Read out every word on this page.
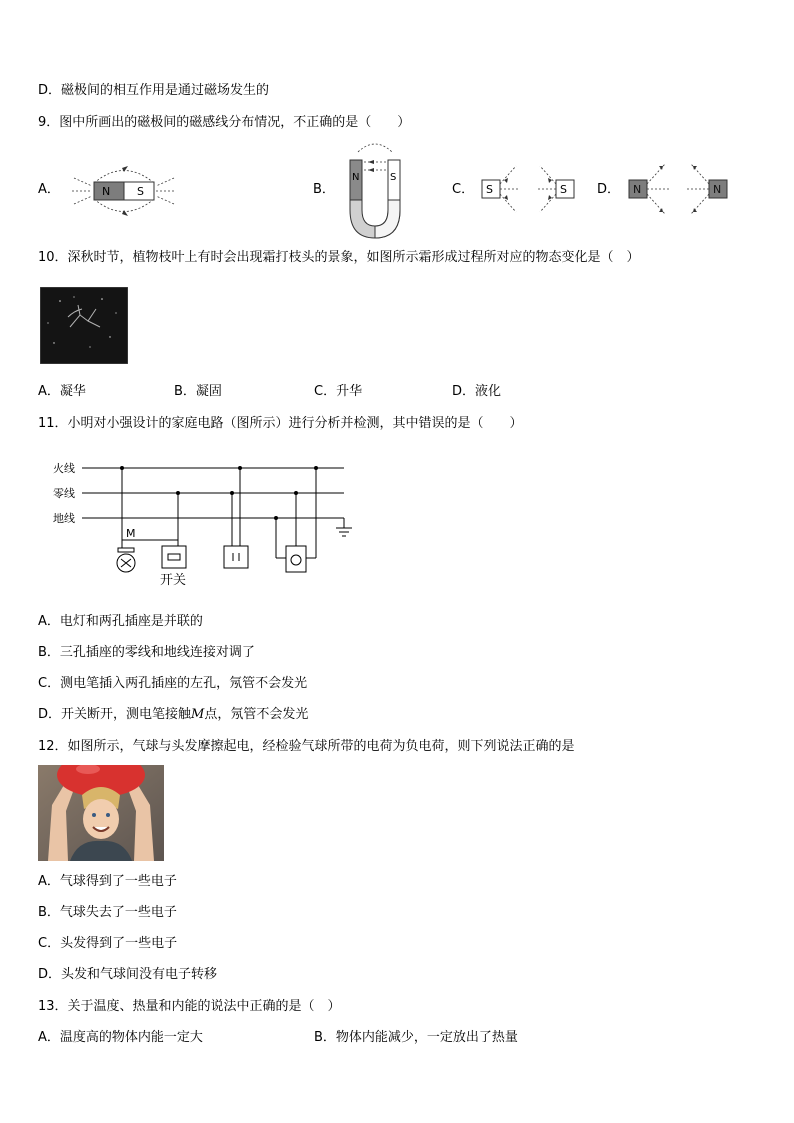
D．磁极间的相互作用是通过磁场发生的
9．图中所画出的磁极间的磁感线分布情况，不正确的是（　　）
A．	B．	C．	D．
N S
N	S
S	S	N	N
10．深秋时节，植物枝叶上有时会出现霜打枝头的景象，如图所示霜形成过程所对应的物态变化是（　）
A．凝华	B．凝固	C．升华	D．液化
11．小明对小强设计的家庭电路（图所示）进行分析并检测，其中错误的是（　　）
火线
零线
地线
M
开关
A．电灯和两孔插座是并联的
B．三孔插座的零线和地线连接对调了
C．测电笔插入两孔插座的左孔，氖管不会发光
D．开关断开，测电笔接触M点，氖管不会发光
12．如图所示，气球与头发摩擦起电，经检验气球所带的电荷为负电荷，则下列说法正确的是
A．气球得到了一些电子
B．气球失去了一些电子
C．头发得到了一些电子
D．头发和气球间没有电子转移
13．关于温度、热量和内能的说法中正确的是（　）
A．温度高的物体内能一定大	B．物体内能减少，一定放出了热量
